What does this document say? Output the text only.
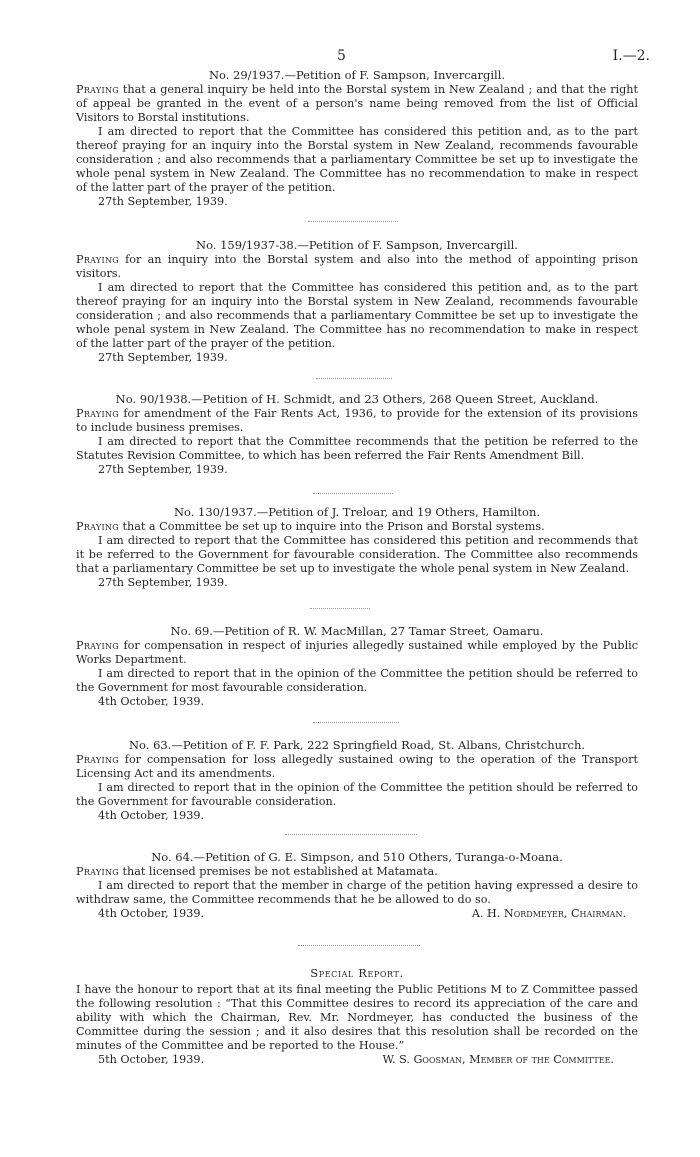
5	I.—2.
No. 29/1937.—Petition of F. Sampson, Invercargill.

Praying that a general inquiry be held into the Borstal system in New Zealand ; and that the right of appeal be granted in the event of a person's name being removed from the list of Official Visitors to Borstal institutions.

I am directed to report that the Committee has considered this petition and, as to the part thereof praying for an inquiry into the Borstal system in New Zealand, recommends favourable consideration ; and also recommends that a parliamentary Committee be set up to investigate the whole penal system in New Zealand. The Committee has no recommendation to make in respect of the latter part of the prayer of the petition.

27th September, 1939.
No. 159/1937-38.—Petition of F. Sampson, Invercargill.

Praying for an inquiry into the Borstal system and also into the method of appointing prison visitors.

I am directed to report that the Committee has considered this petition and, as to the part thereof praying for an inquiry into the Borstal system in New Zealand, recommends favourable consideration ; and also recommends that a parliamentary Committee be set up to investigate the whole penal system in New Zealand. The Committee has no recommendation to make in respect of the latter part of the prayer of the petition.

27th September, 1939.
No. 90/1938.—Petition of H. Schmidt, and 23 Others, 268 Queen Street, Auckland.

Praying for amendment of the Fair Rents Act, 1936, to provide for the extension of its provisions to include business premises.

I am directed to report that the Committee recommends that the petition be referred to the Statutes Revision Committee, to which has been referred the Fair Rents Amendment Bill.

27th September, 1939.
No. 130/1937.—Petition of J. Treloar, and 19 Others, Hamilton.

Praying that a Committee be set up to inquire into the Prison and Borstal systems.

I am directed to report that the Committee has considered this petition and recommends that it be referred to the Government for favourable consideration. The Committee also recommends that a parliamentary Committee be set up to investigate the whole penal system in New Zealand.

27th September, 1939.
No. 69.—Petition of R. W. MacMillan, 27 Tamar Street, Oamaru.

Praying for compensation in respect of injuries allegedly sustained while employed by the Public Works Department.

I am directed to report that in the opinion of the Committee the petition should be referred to the Government for most favourable consideration.

4th October, 1939.
No. 63.—Petition of F. F. Park, 222 Springfield Road, St. Albans, Christchurch.

Praying for compensation for loss allegedly sustained owing to the operation of the Transport Licensing Act and its amendments.

I am directed to report that in the opinion of the Committee the petition should be referred to the Government for favourable consideration.

4th October, 1939.
No. 64.—Petition of G. E. Simpson, and 510 Others, Turanga-o-Moana.

Praying that licensed premises be not established at Matamata.

I am directed to report that the member in charge of the petition having expressed a desire to withdraw same, the Committee recommends that he be allowed to do so.

4th October, 1939.	A. H. Nordmeyer, Chairman.
Special Report.

I have the honour to report that at its final meeting the Public Petitions M to Z Committee passed the following resolution : “That this Committee desires to record its appreciation of the care and ability with which the Chairman, Rev. Mr. Nordmeyer, has conducted the business of the Committee during the session ; and it also desires that this resolution shall be recorded on the minutes of the Committee and be reported to the House.”

5th October, 1939.	W. S. Goosman, Member of the Committee.
